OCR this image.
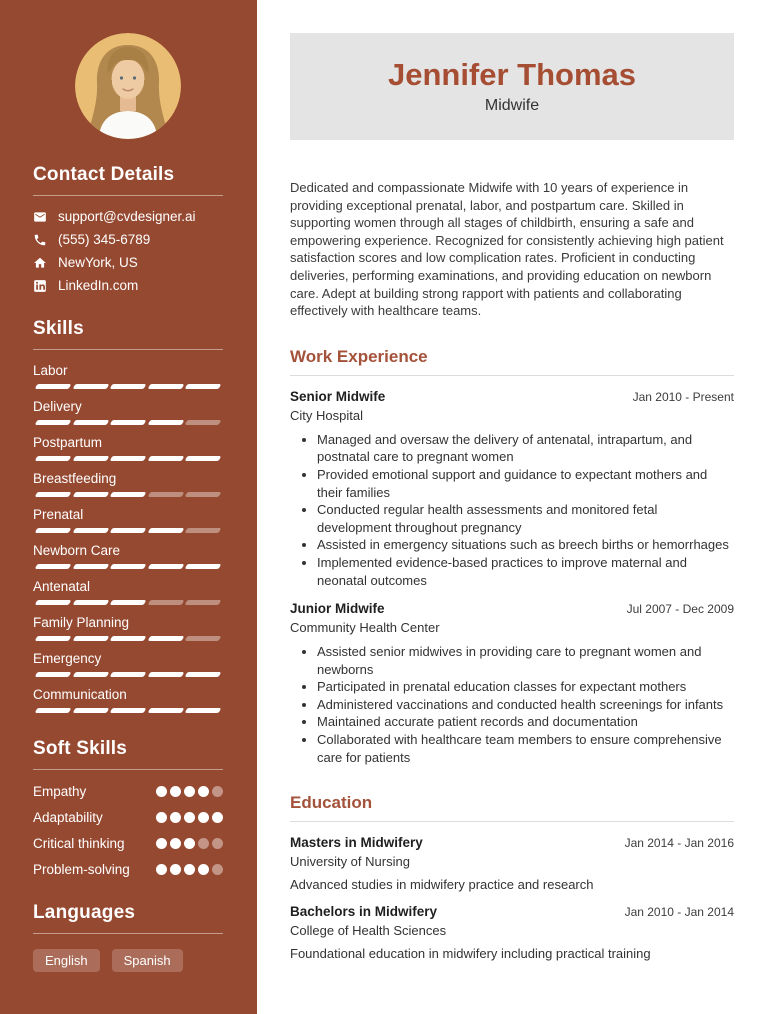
Contact Details
support@cvdesigner.ai
(555) 345-6789
NewYork, US
LinkedIn.com
Skills
Labor
Delivery
Postpartum
Breastfeeding
Prenatal
Newborn Care
Antenatal
Family Planning
Emergency
Communication
Soft Skills
Empathy
Adaptability
Critical thinking
Problem-solving
Languages
English	Spanish
Jennifer Thomas
Midwife

Dedicated and compassionate Midwife with 10 years of experience in providing exceptional prenatal, labor, and postpartum care. Skilled in supporting women through all stages of childbirth, ensuring a safe and empowering experience. Recognized for consistently achieving high patient satisfaction scores and low complication rates. Proficient in conducting deliveries, performing examinations, and providing education on newborn care. Adept at building strong rapport with patients and collaborating effectively with healthcare teams.

Work Experience
Senior Midwife	Jan 2010 - Present
City Hospital
• Managed and oversaw the delivery of antenatal, intrapartum, and postnatal care to pregnant women
• Provided emotional support and guidance to expectant mothers and their families
• Conducted regular health assessments and monitored fetal development throughout pregnancy
• Assisted in emergency situations such as breech births or hemorrhages
• Implemented evidence-based practices to improve maternal and neonatal outcomes
Junior Midwife	Jul 2007 - Dec 2009
Community Health Center
• Assisted senior midwives in providing care to pregnant women and newborns
• Participated in prenatal education classes for expectant mothers
• Administered vaccinations and conducted health screenings for infants
• Maintained accurate patient records and documentation
• Collaborated with healthcare team members to ensure comprehensive care for patients
Education
Masters in Midwifery	Jan 2014 - Jan 2016
University of Nursing
Advanced studies in midwifery practice and research
Bachelors in Midwifery	Jan 2010 - Jan 2014
College of Health Sciences
Foundational education in midwifery including practical training
